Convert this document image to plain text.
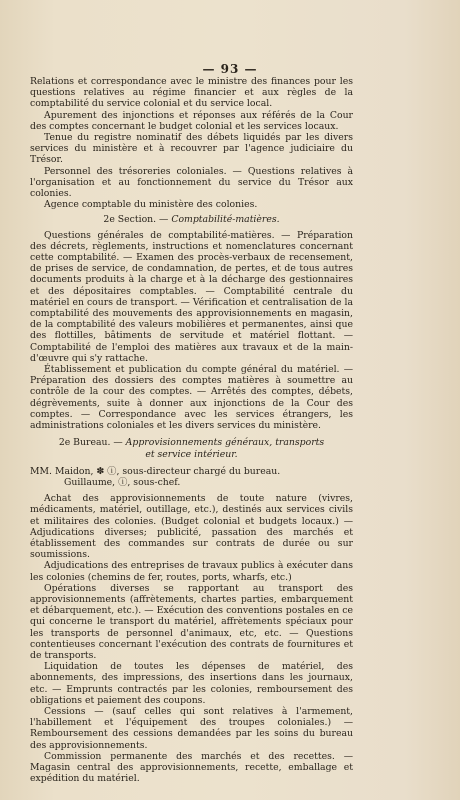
— 93 —

Relations et correspondance avec le ministre des finances pour les questions relatives au régime financier et aux règles de la comptabilité du service colonial et du service local.

Apurement des injonctions et réponses aux référés de la Cour des comptes concernant le budget colonial et les services locaux.

Tenue du registre nominatif des débets liquidés par les divers services du ministère et à recouvrer par l'agence judiciaire du Trésor.

Personnel des trésoreries coloniales. — Questions relatives à l'organisation et au fonctionnement du service du Trésor aux colonies.

Agence comptable du ministère des colonies.

2e Section. — Comptabilité-matières.

Questions générales de comptabilité-matières. — Préparation des décrets, règlements, instructions et nomenclatures concernant cette comptabilité. — Examen des procès-verbaux de recensement, de prises de service, de condamnation, de pertes, et de tous autres documents produits à la charge et à la décharge des gestionnaires et des dépositaires comptables. — Comptabilité centrale du matériel en cours de transport. — Vérification et centralisation de la comptabilité des mouvements des approvisionnements en magasin, de la comptabilité des valeurs mobilières et permanentes, ainsi que des flottilles, bâtiments de servitude et matériel flottant. — Comptabilité de l'emploi des matières aux travaux et de la main-d'œuvre qui s'y rattache.

Établissement et publication du compte général du matériel. — Préparation des dossiers des comptes matières à soumettre au contrôle de la cour des comptes. — Arrêtés des comptes, débets, dégrèvements, suite à donner aux injonctions de la Cour des comptes. — Correspondance avec les services étrangers, les administrations coloniales et les divers services du ministère.

2e Bureau. — Approvisionnements généraux, transports
et service intérieur.

MM. Maidon, ✽ ⓘ, sous-directeur chargé du bureau.

Guillaume, ⓘ, sous-chef.

Achat des approvisionnements de toute nature (vivres, médicaments, matériel, outillage, etc.), destinés aux services civils et militaires des colonies. (Budget colonial et budgets locaux.) — Adjudications diverses; publicité, passation des marchés et établissement des commandes sur contrats de durée ou sur soumissions.

Adjudications des entreprises de travaux publics à exécuter dans les colonies (chemins de fer, routes, ports, wharfs, etc.)

Opérations diverses se rapportant au transport des approvisionnements (affrètements, chartes parties, embarquement et débarquement, etc.). — Exécution des conventions postales en ce qui concerne le transport du matériel, affrètements spéciaux pour les transports de personnel d'animaux, etc, etc. — Questions contentieuses concernant l'exécution des contrats de fournitures et de transports.

Liquidation de toutes les dépenses de matériel, des abonnements, des impressions, des insertions dans les journaux, etc. — Emprunts contractés par les colonies, remboursement des obligations et paiement des coupons.

Cessions — (sauf celles qui sont relatives à l'armement, l'habillement et l'équipement des troupes coloniales.) — Remboursement des cessions demandées par les soins du bureau des approvisionnements.

Commission permanente des marchés et des recettes. — Magasin central des approvisionnements, recette, emballage et expédition du matériel.
